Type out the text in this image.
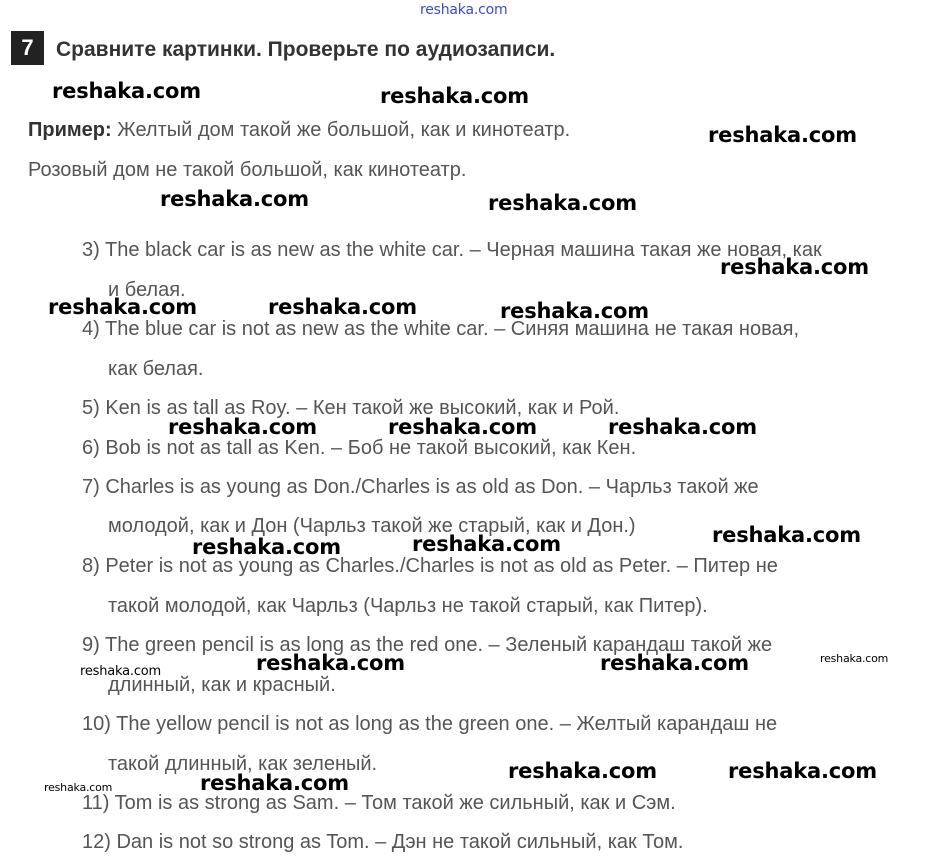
reshaka.com
7	Сравните картинки. Проверьте по аудиозаписи.
Пример: Желтый дом такой же большой, как и кинотеатр.
Розовый дом не такой большой, как кинотеатр.
3) The black car is as new as the white car. – Черная машина такая же новая, как
и белая.
4) The blue car is not as new as the white car. – Синяя машина не такая новая,
как белая.
5) Ken is as tall as Roy. – Кен такой же высокий, как и Рой.
6) Bob is not as tall as Ken. – Боб не такой высокий, как Кен.
7) Charles is as young as Don./Charles is as old as Don. – Чарльз такой же
молодой, как и Дон (Чарльз такой же старый, как и Дон.)
8) Peter is not as young as Charles./Charles is not as old as Peter. – Питер не
такой молодой, как Чарльз (Чарльз не такой старый, как Питер).
9) The green pencil is as long as the red one. – Зеленый карандаш такой же
длинный, как и красный.
10) The yellow pencil is not as long as the green one. – Желтый карандаш не
такой длинный, как зеленый.
11) Tom is as strong as Sam. – Том такой же сильный, как и Сэм.
12) Dan is not so strong as Tom. – Дэн не такой сильный, как Том.
reshaka.com	reshaka.com
reshaka.com
reshaka.com	reshaka.com
reshaka.com
reshaka.com	reshaka.com	reshaka.com
reshaka.com	reshaka.com	reshaka.com
reshaka.com
reshaka.com	reshaka.com
reshaka.com	reshaka.com
reshaka.com
reshaka.com
reshaka.com	reshaka.com
reshaka.com
reshaka.com
